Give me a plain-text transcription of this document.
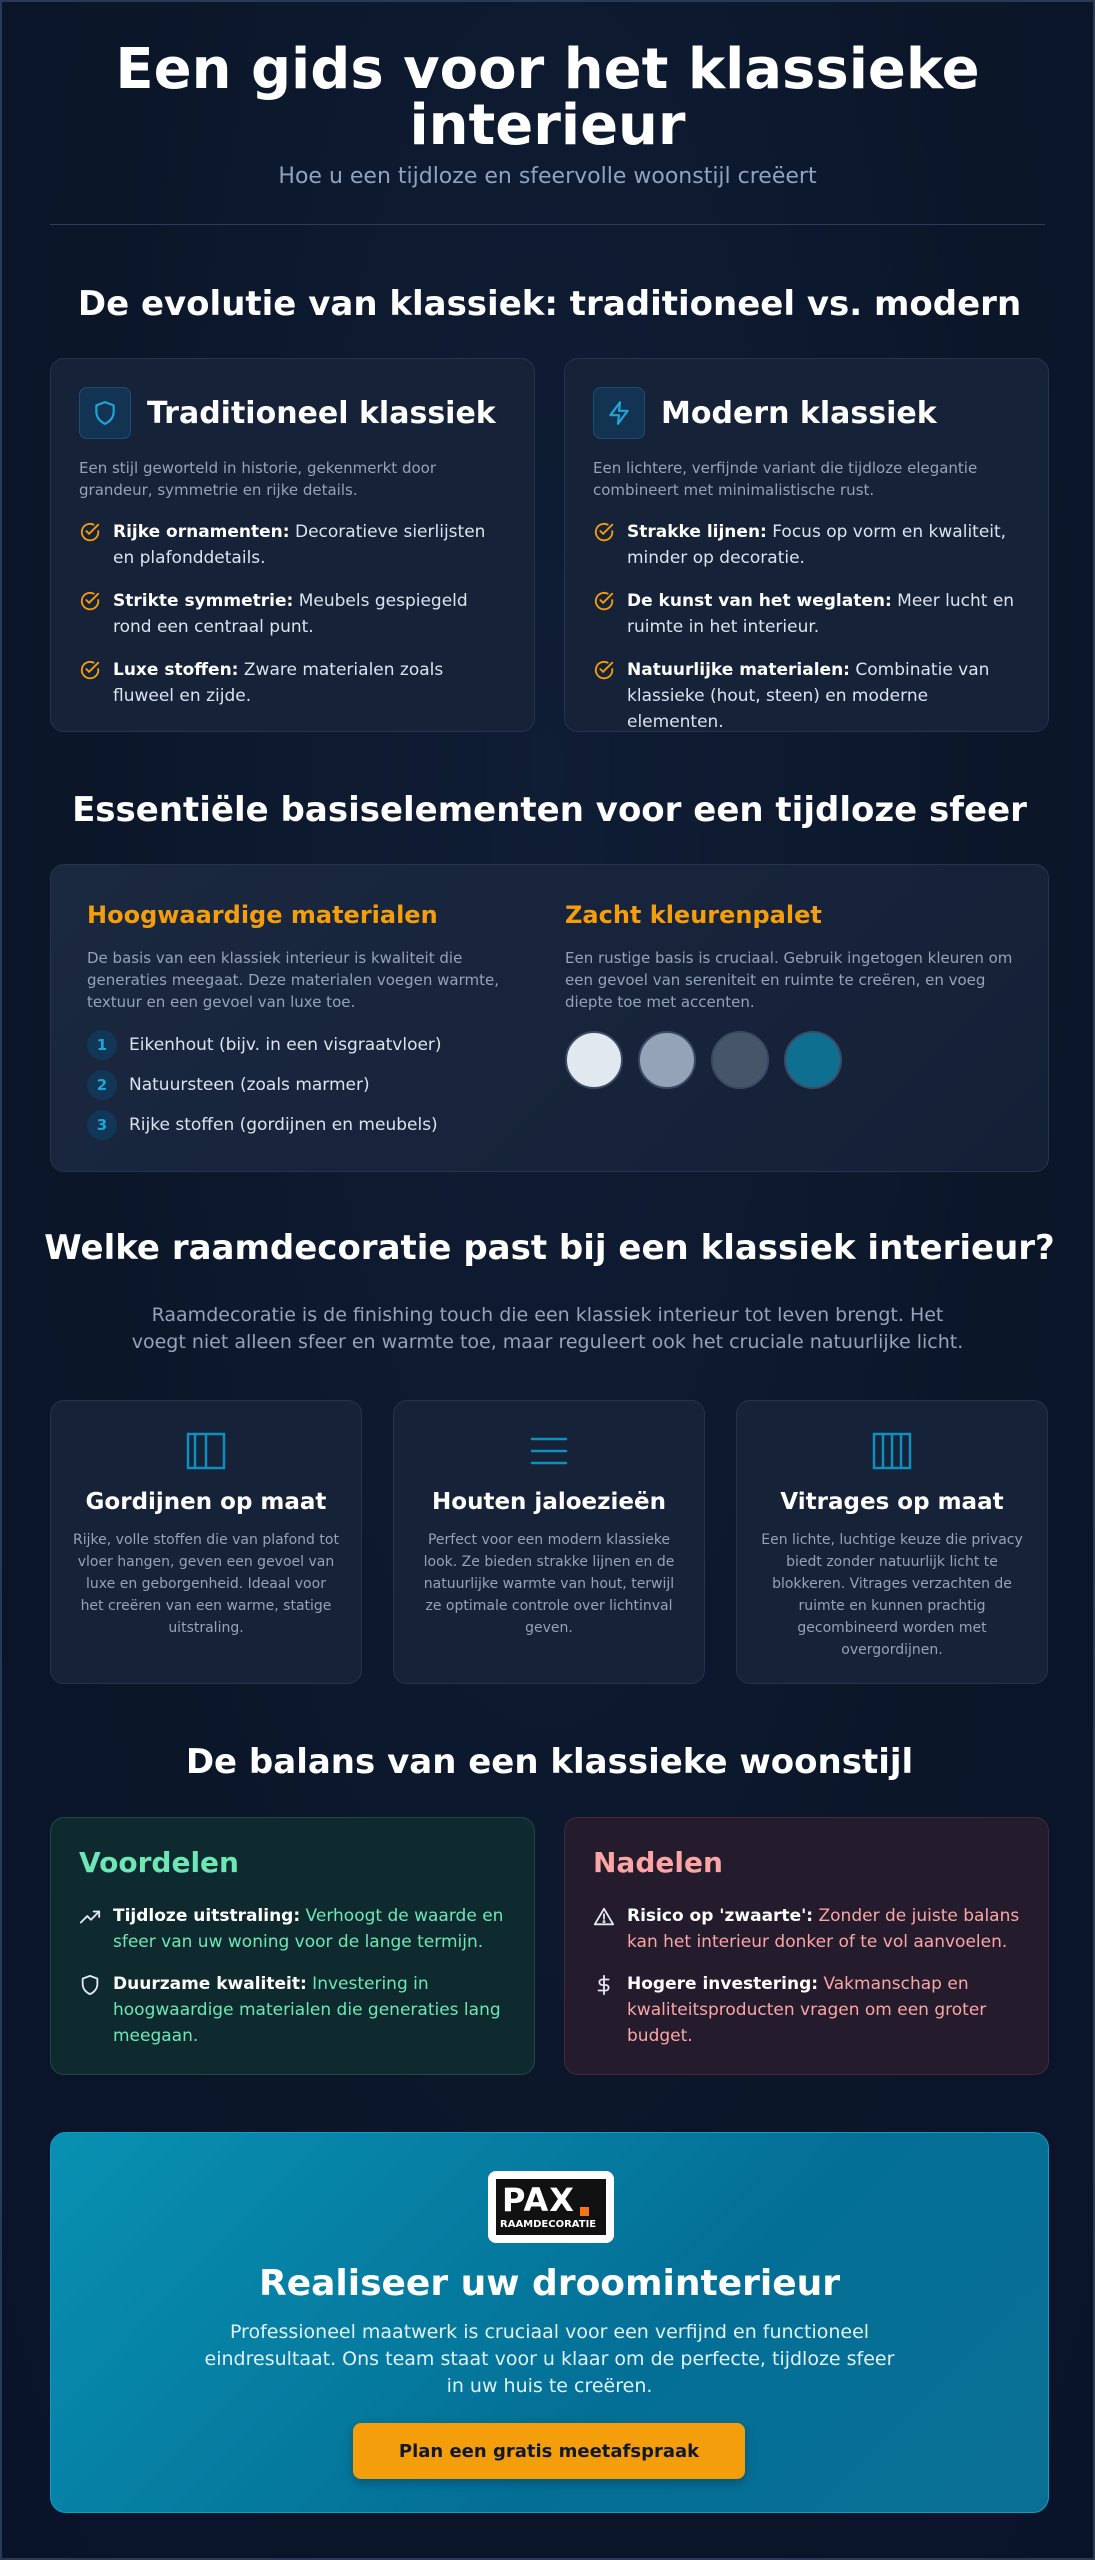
Een gids voor het klassieke interieur
Hoe u een tijdloze en sfeervolle woonstijl creëert
De evolutie van klassiek: traditioneel vs. modern
Traditioneel klassiek
Een stijl geworteld in historie, gekenmerkt door grandeur, symmetrie en rijke details.
Rijke ornamenten: Decoratieve sierlijsten en plafonddetails.
Strikte symmetrie: Meubels gespiegeld rond een centraal punt.
Luxe stoffen: Zware materialen zoals fluweel en zijde.
Modern klassiek
Een lichtere, verfijnde variant die tijdloze elegantie combineert met minimalistische rust.
Strakke lijnen: Focus op vorm en kwaliteit, minder op decoratie.
De kunst van het weglaten: Meer lucht en ruimte in het interieur.
Natuurlijke materialen: Combinatie van klassieke (hout, steen) en moderne elementen.
Essentiële basiselementen voor een tijdloze sfeer
Hoogwaardige materialen
De basis van een klassiek interieur is kwaliteit die generaties meegaat. Deze materialen voegen warmte, textuur en een gevoel van luxe toe.
1	Eikenhout (bijv. in een visgraatvloer)
2	Natuursteen (zoals marmer)
3	Rijke stoffen (gordijnen en meubels)
Zacht kleurenpalet
Een rustige basis is cruciaal. Gebruik ingetogen kleuren om een gevoel van sereniteit en ruimte te creëren, en voeg diepte toe met accenten.
Welke raamdecoratie past bij een klassiek interieur?
Raamdecoratie is de finishing touch die een klassiek interieur tot leven brengt. Het voegt niet alleen sfeer en warmte toe, maar reguleert ook het cruciale natuurlijke licht.
Gordijnen op maat
Rijke, volle stoffen die van plafond tot vloer hangen, geven een gevoel van luxe en geborgenheid. Ideaal voor het creëren van een warme, statige uitstraling.
Houten jaloezieën
Perfect voor een modern klassieke look. Ze bieden strakke lijnen en de natuurlijke warmte van hout, terwijl ze optimale controle over lichtinval geven.
Vitrages op maat
Een lichte, luchtige keuze die privacy biedt zonder natuurlijk licht te blokkeren. Vitrages verzachten de ruimte en kunnen prachtig gecombineerd worden met overgordijnen.
De balans van een klassieke woonstijl
Voordelen
Tijdloze uitstraling: Verhoogt de waarde en sfeer van uw woning voor de lange termijn.
Duurzame kwaliteit: Investering in hoogwaardige materialen die generaties lang meegaan.
Nadelen
Risico op 'zwaarte': Zonder de juiste balans kan het interieur donker of te vol aanvoelen.
Hogere investering: Vakmanschap en kwaliteitsproducten vragen om een groter budget.
PAX
RAAMDECORATIE
Realiseer uw droominterieur
Professioneel maatwerk is cruciaal voor een verfijnd en functioneel eindresultaat. Ons team staat voor u klaar om de perfecte, tijdloze sfeer in uw huis te creëren.
Plan een gratis meetafspraak
